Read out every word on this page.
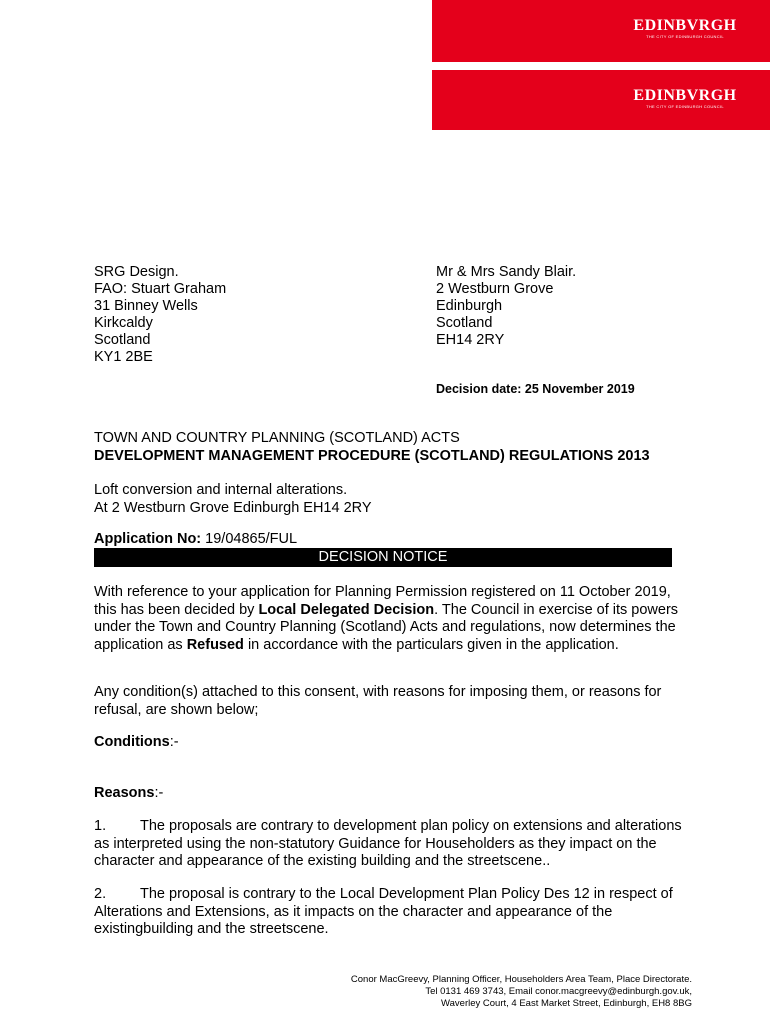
EDINBVRGH
THE CITY OF EDINBURGH COUNCIL
EDINBVRGH
THE CITY OF EDINBURGH COUNCIL
SRG Design.
FAO: Stuart Graham
31 Binney Wells
Kirkcaldy
Scotland
KY1 2BE
Mr & Mrs Sandy Blair.
2 Westburn Grove
Edinburgh
Scotland
EH14 2RY
Decision date: 25 November 2019
TOWN AND COUNTRY PLANNING (SCOTLAND) ACTS
DEVELOPMENT MANAGEMENT PROCEDURE (SCOTLAND) REGULATIONS 2013
Loft conversion and internal alterations.
At 2 Westburn Grove Edinburgh EH14 2RY
Application No: 19/04865/FUL
DECISION NOTICE
With reference to your application for Planning Permission registered on 11 October 2019, this has been decided by Local Delegated Decision. The Council in exercise of its powers under the Town and Country Planning (Scotland) Acts and regulations, now determines the application as Refused in accordance with the particulars given in the application.
Any condition(s) attached to this consent, with reasons for imposing them, or reasons for refusal, are shown below;
Conditions:-
Reasons:-
1. The proposals are contrary to development plan policy on extensions and alterations as interpreted using the non-statutory Guidance for Householders as they impact on the character and appearance of the existing building and the streetscene..
2. The proposal is contrary to the Local Development Plan Policy Des 12 in respect of Alterations and Extensions, as it impacts on the character and appearance of the existingbuilding and the streetscene.
Conor MacGreevy, Planning Officer, Householders Area Team, Place Directorate.
Tel 0131 469 3743, Email conor.macgreevy@edinburgh.gov.uk,
Waverley Court, 4 East Market Street, Edinburgh, EH8 8BG
